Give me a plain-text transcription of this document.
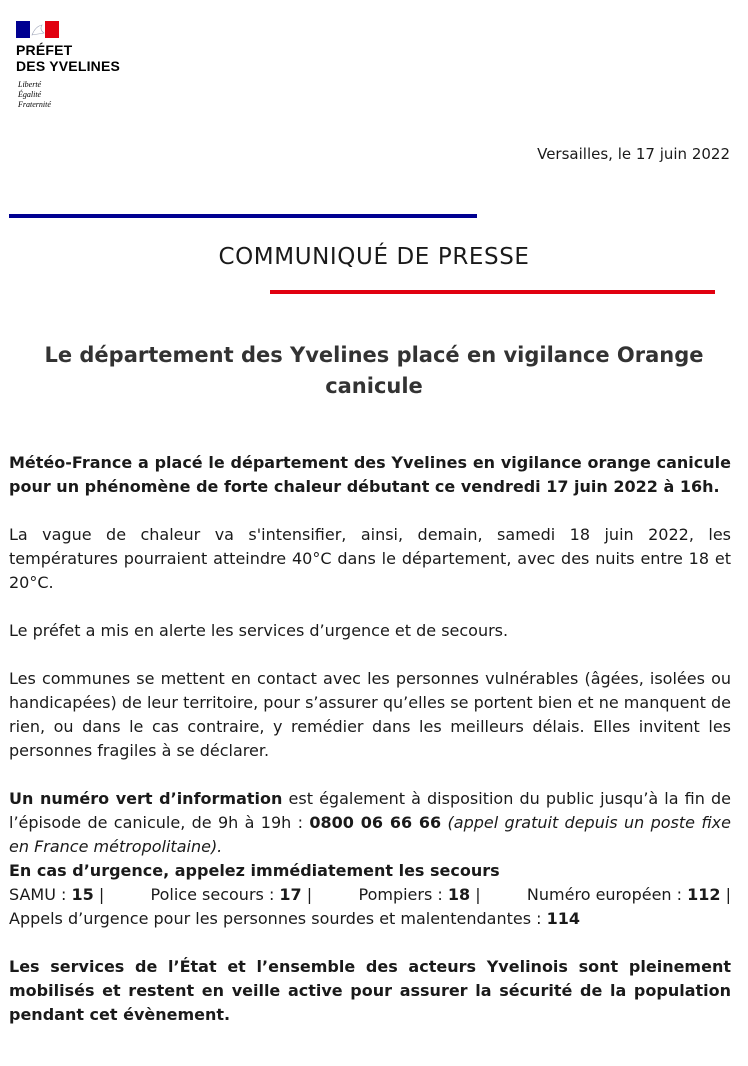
PRÉFET
DES YVELINES
Liberté
Égalité
Fraternité
Versailles, le 17 juin 2022
COMMUNIQUÉ DE PRESSE
Le département des Yvelines placé en vigilance Orange
canicule

Météo-France a placé le département des Yvelines en vigilance orange canicule pour un phénomène de forte chaleur débutant ce vendredi 17 juin 2022 à 16h.

La vague de chaleur va s'intensifier, ainsi, demain, samedi 18 juin 2022, les températures pourraient atteindre 40°C dans le département, avec des nuits entre 18 et 20°C.

Le préfet a mis en alerte les services d’urgence et de secours.

Les communes se mettent en contact avec les personnes vulnérables (âgées, isolées ou handicapées) de leur territoire, pour s’assurer qu’elles se portent bien et ne manquent de rien, ou dans le cas contraire, y remédier dans les meilleurs délais. Elles invitent les personnes fragiles à se déclarer.

Un numéro vert d’information est également à disposition du public jusqu’à la fin de l’épisode de canicule, de 9h à 19h : 0800 06 66 66 (appel gratuit depuis un poste fixe en France métropolitaine).

En cas d’urgence, appelez immédiatement les secours

SAMU : 15 |	Police secours : 17 |	Pompiers : 18 |	Numéro européen : 112 |

Appels d’urgence pour les personnes sourdes et malentendantes : 114

Les services de l’État et l’ensemble des acteurs Yvelinois sont pleinement mobilisés et restent en veille active pour assurer la sécurité de la population pendant cet évènement.
